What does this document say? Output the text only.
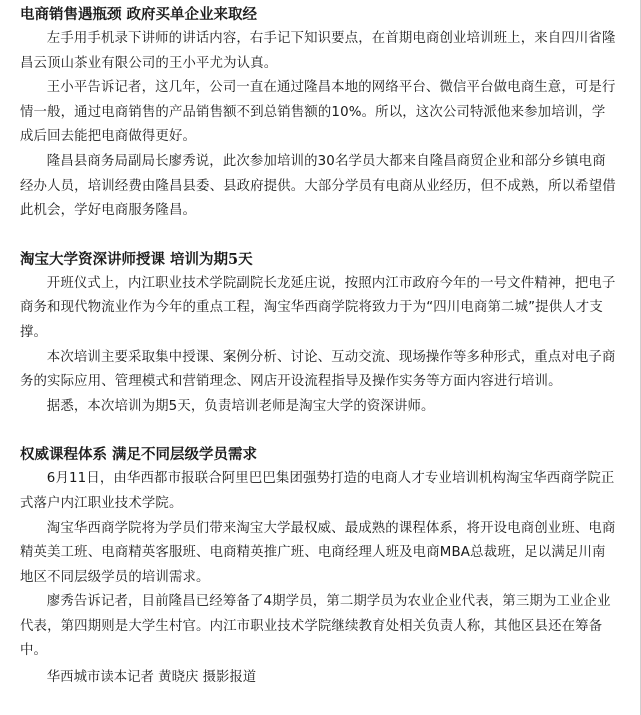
电商销售遇瓶颈 政府买单企业来取经

左手用手机录下讲师的讲话内容，右手记下知识要点，在首期电商创业培训班上，来自四川省隆昌云顶山茶业有限公司的王小平尤为认真。

王小平告诉记者，这几年，公司一直在通过隆昌本地的网络平台、微信平台做电商生意，可是行情一般，通过电商销售的产品销售额不到总销售额的10%。所以，这次公司特派他来参加培训，学成后回去能把电商做得更好。

隆昌县商务局副局长廖秀说，此次参加培训的30名学员大都来自隆昌商贸企业和部分乡镇电商经办人员，培训经费由隆昌县委、县政府提供。大部分学员有电商从业经历，但不成熟，所以希望借此机会，学好电商服务隆昌。

淘宝大学资深讲师授课 培训为期5天

开班仪式上，内江职业技术学院副院长龙延庄说，按照内江市政府今年的一号文件精神，把电子商务和现代物流业作为今年的重点工程，淘宝华西商学院将致力于为“四川电商第二城”提供人才支撑。

本次培训主要采取集中授课、案例分析、讨论、互动交流、现场操作等多种形式，重点对电子商务的实际应用、管理模式和营销理念、网店开设流程指导及操作实务等方面内容进行培训。

据悉，本次培训为期5天，负责培训老师是淘宝大学的资深讲师。

权威课程体系 满足不同层级学员需求

6月11日，由华西都市报联合阿里巴巴集团强势打造的电商人才专业培训机构淘宝华西商学院正式落户内江职业技术学院。

淘宝华西商学院将为学员们带来淘宝大学最权威、最成熟的课程体系，将开设电商创业班、电商精英美工班、电商精英客服班、电商精英推广班、电商经理人班及电商MBA总裁班，足以满足川南地区不同层级学员的培训需求。

廖秀告诉记者，目前隆昌已经筹备了4期学员，第二期学员为农业企业代表，第三期为工业企业代表，第四期则是大学生村官。内江市职业技术学院继续教育处相关负责人称，其他区县还在筹备中。

华西城市读本记者 黄晓庆 摄影报道
